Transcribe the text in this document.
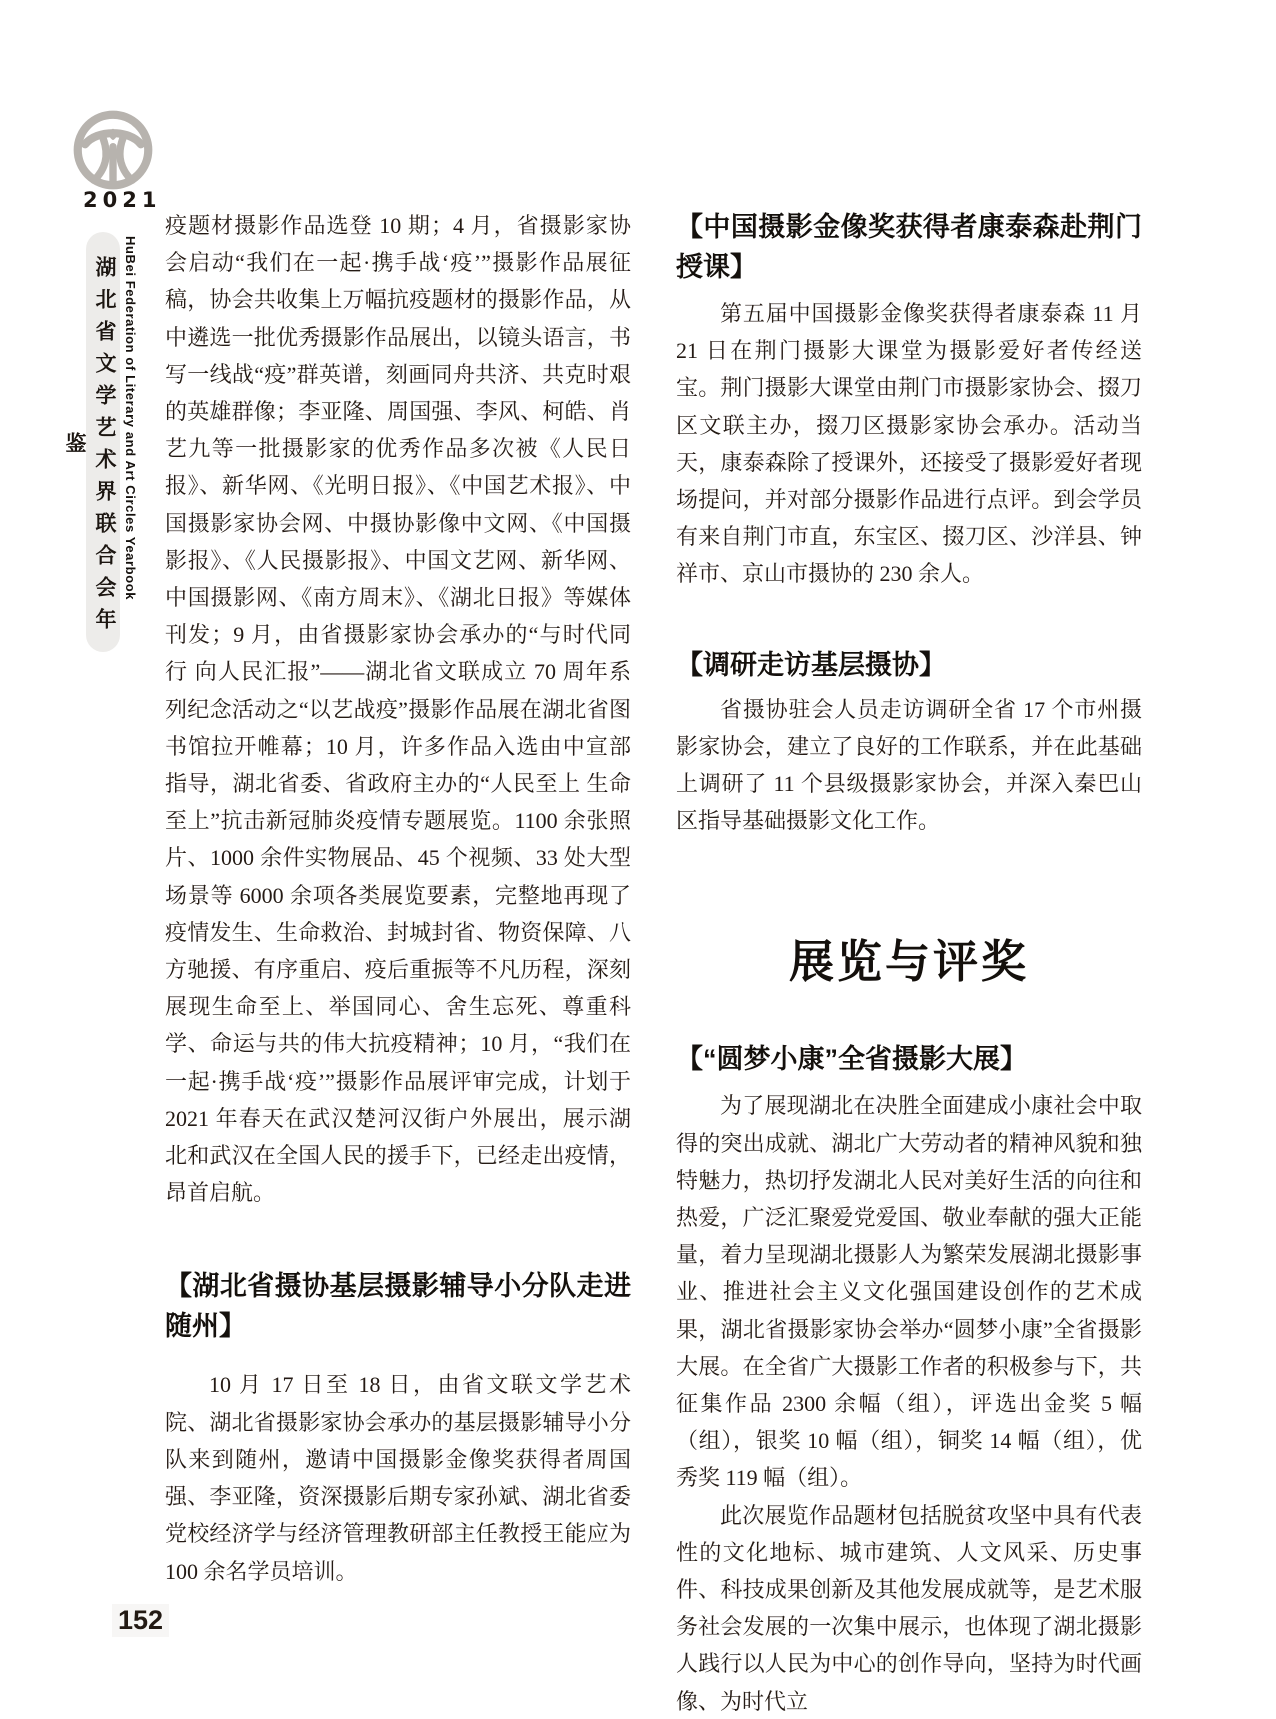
2021
湖北省文学艺术界联合会年鉴	HuBei Federation of Literary and Art Circles Yearbook

疫题材摄影作品选登 10 期；4 月，省摄影家协会启动“我们在一起·携手战‘疫’”摄影作品展征稿，协会共收集上万幅抗疫题材的摄影作品，从中遴选一批优秀摄影作品展出，以镜头语言，书写一线战“疫”群英谱，刻画同舟共济、共克时艰的英雄群像；李亚隆、周国强、李风、柯皓、肖艺九等一批摄影家的优秀作品多次被《人民日报》、新华网、《光明日报》、《中国艺术报》、中国摄影家协会网、中摄协影像中文网、《中国摄影报》、《人民摄影报》、中国文艺网、新华网、中国摄影网、《南方周末》、《湖北日报》等媒体刊发；9 月，由省摄影家协会承办的“与时代同行 向人民汇报”——湖北省文联成立 70 周年系列纪念活动之“以艺战疫”摄影作品展在湖北省图书馆拉开帷幕；10 月，许多作品入选由中宣部指导，湖北省委、省政府主办的“人民至上 生命至上”抗击新冠肺炎疫情专题展览。1100 余张照片、1000 余件实物展品、45 个视频、33 处大型场景等 6000 余项各类展览要素，完整地再现了疫情发生、生命救治、封城封省、物资保障、八方驰援、有序重启、疫后重振等不凡历程，深刻展现生命至上、举国同心、舍生忘死、尊重科学、命运与共的伟大抗疫精神；10 月，“我们在一起·携手战‘疫’”摄影作品展评审完成，计划于 2021 年春天在武汉楚河汉街户外展出，展示湖北和武汉在全国人民的援手下，已经走出疫情，昂首启航。

【湖北省摄协基层摄影辅导小分队走进随州】

10 月 17 日至 18 日，由省文联文学艺术院、湖北省摄影家协会承办的基层摄影辅导小分队来到随州，邀请中国摄影金像奖获得者周国强、李亚隆，资深摄影后期专家孙斌、湖北省委党校经济学与经济管理教研部主任教授王能应为 100 余名学员培训。

【中国摄影金像奖获得者康泰森赴荆门授课】

第五届中国摄影金像奖获得者康泰森 11 月 21 日在荆门摄影大课堂为摄影爱好者传经送宝。荆门摄影大课堂由荆门市摄影家协会、掇刀区文联主办，掇刀区摄影家协会承办。活动当天，康泰森除了授课外，还接受了摄影爱好者现场提问，并对部分摄影作品进行点评。到会学员有来自荆门市直，东宝区、掇刀区、沙洋县、钟祥市、京山市摄协的 230 余人。

【调研走访基层摄协】

省摄协驻会人员走访调研全省 17 个市州摄影家协会，建立了良好的工作联系，并在此基础上调研了 11 个县级摄影家协会，并深入秦巴山区指导基础摄影文化工作。

展览与评奖
【“圆梦小康”全省摄影大展】

为了展现湖北在决胜全面建成小康社会中取得的突出成就、湖北广大劳动者的精神风貌和独特魅力，热切抒发湖北人民对美好生活的向往和热爱，广泛汇聚爱党爱国、敬业奉献的强大正能量，着力呈现湖北摄影人为繁荣发展湖北摄影事业、推进社会主义文化强国建设创作的艺术成果，湖北省摄影家协会举办“圆梦小康”全省摄影大展。在全省广大摄影工作者的积极参与下，共征集作品 2300 余幅（组），评选出金奖 5 幅（组），银奖 10 幅（组），铜奖 14 幅（组），优秀奖 119 幅（组）。

此次展览作品题材包括脱贫攻坚中具有代表性的文化地标、城市建筑、人文风采、历史事件、科技成果创新及其他发展成就等，是艺术服务社会发展的一次集中展示，也体现了湖北摄影人践行以人民为中心的创作导向，坚持为时代画像、为时代立

152
